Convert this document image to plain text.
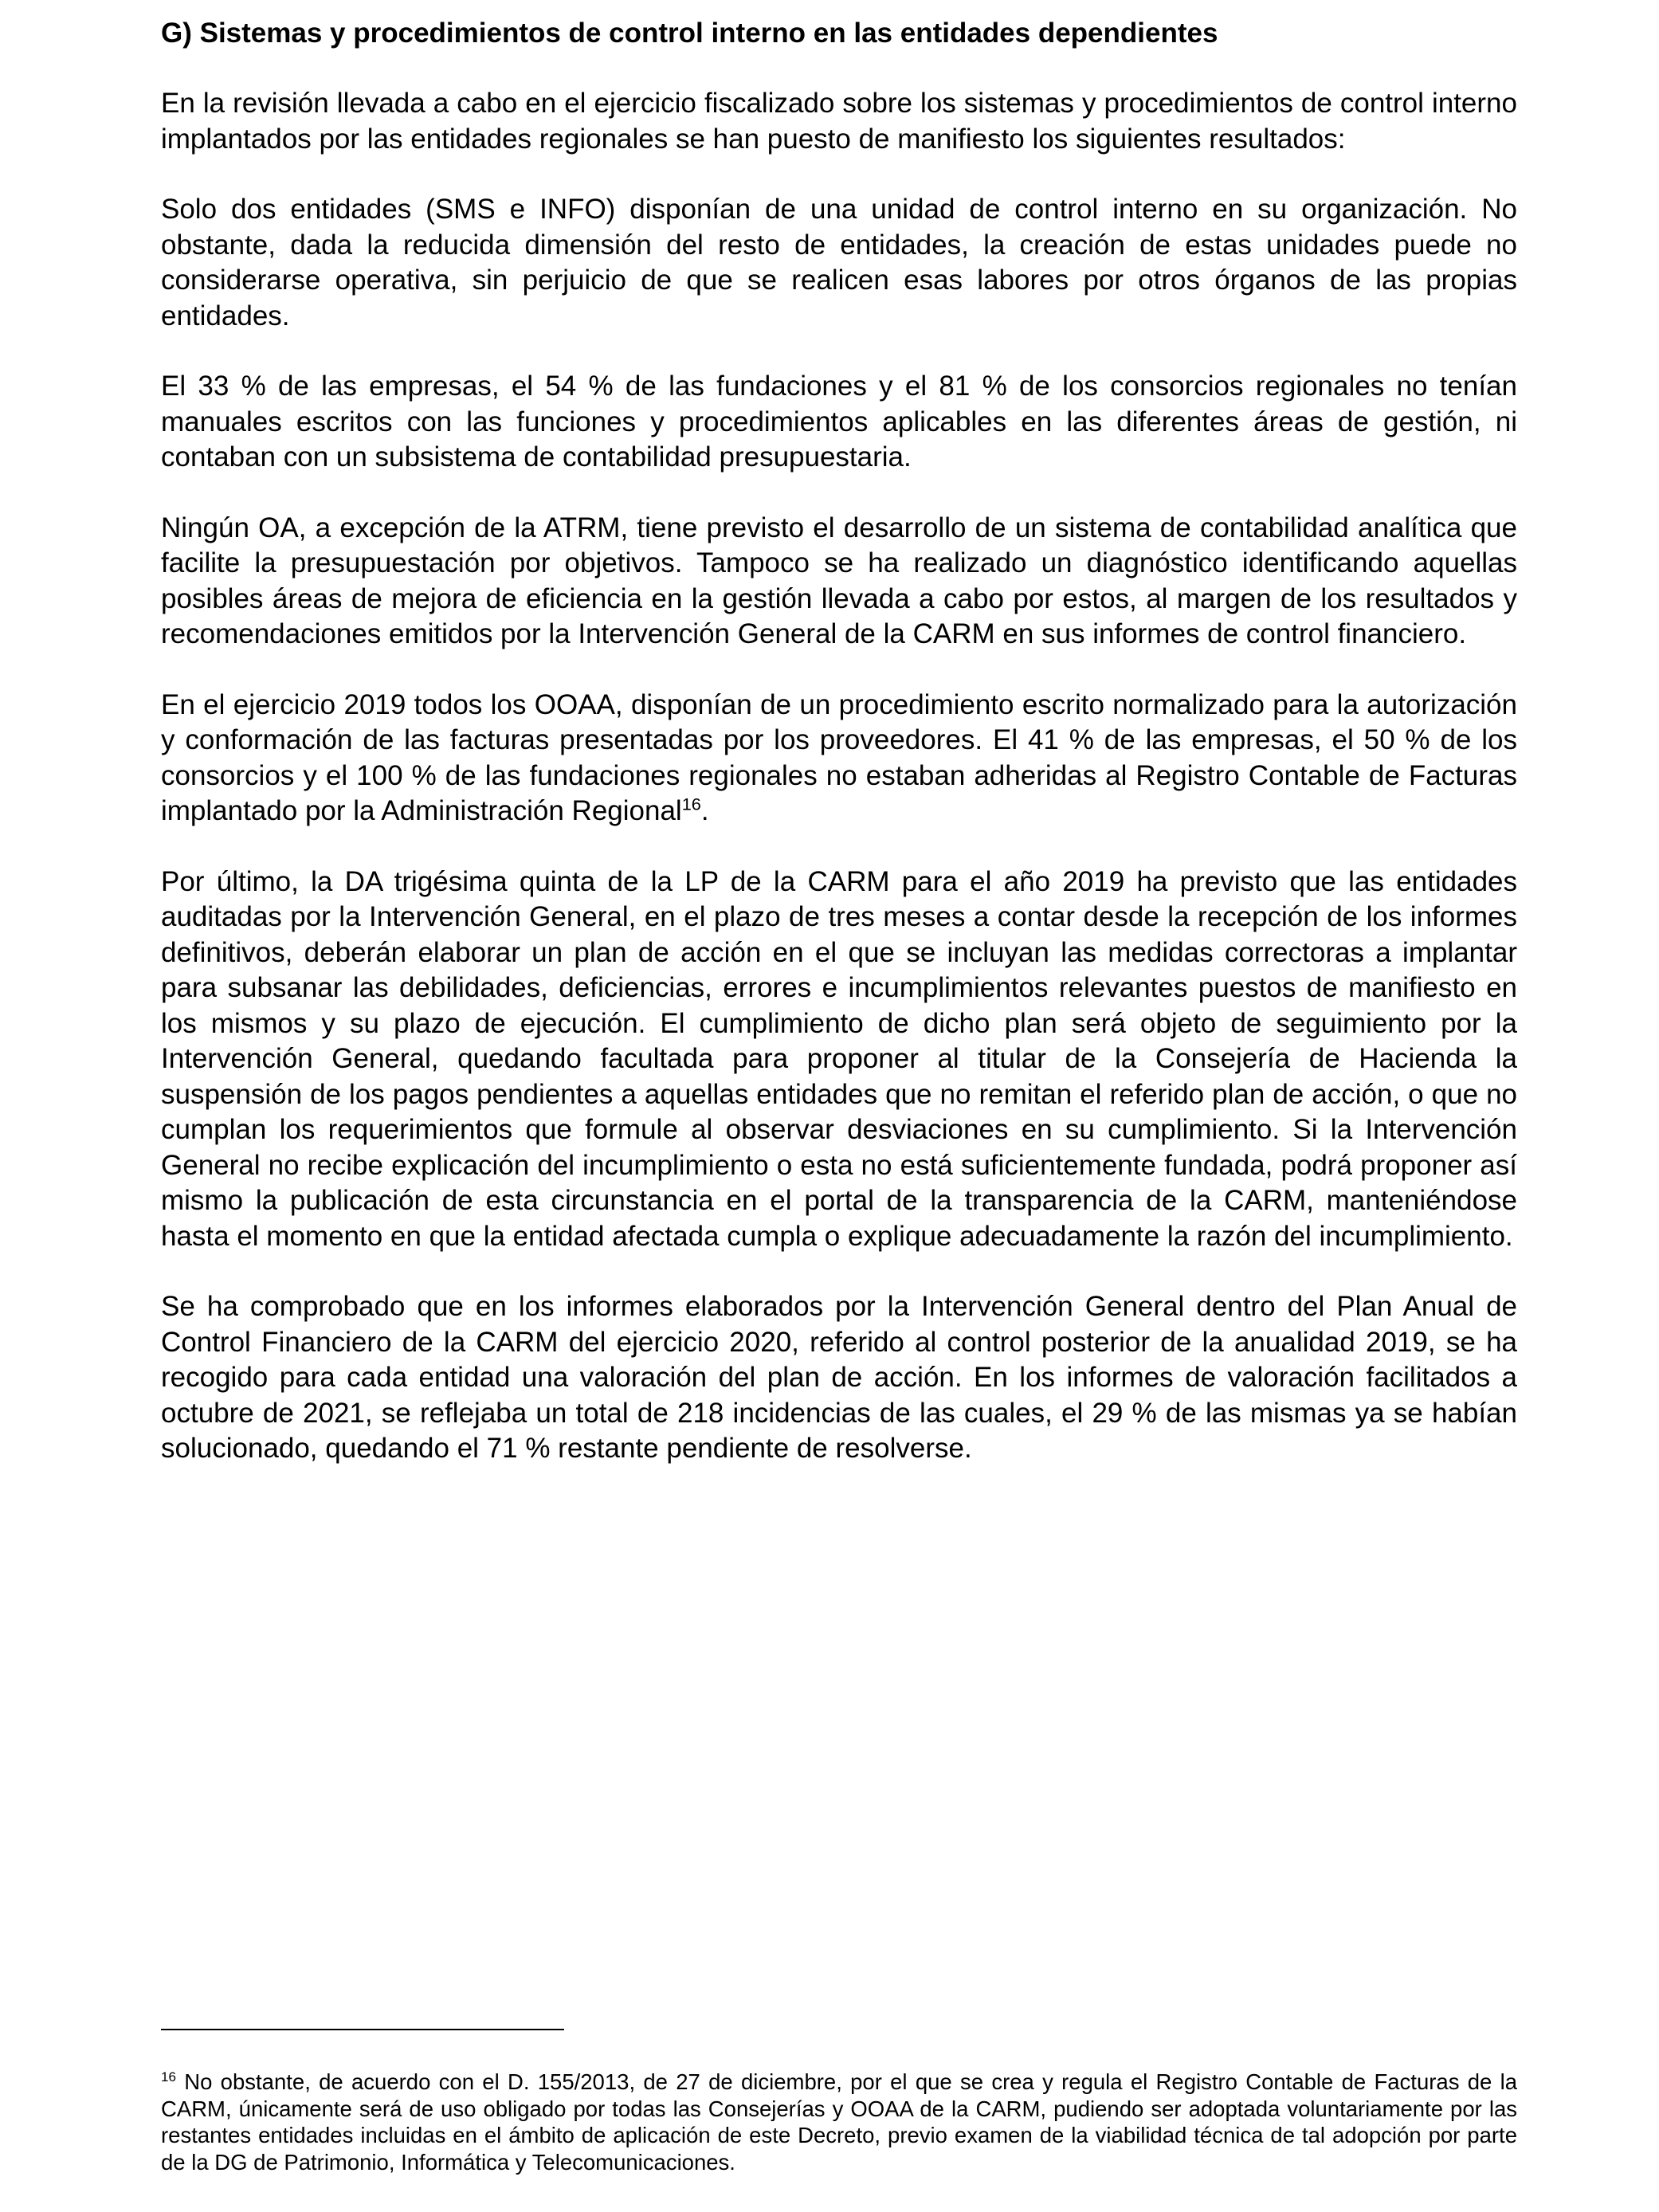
G) Sistemas y procedimientos de control interno en las entidades dependientes

En la revisión llevada a cabo en el ejercicio fiscalizado sobre los sistemas y procedimientos de control interno implantados por las entidades regionales se han puesto de manifiesto los siguientes resultados:

Solo dos entidades (SMS e INFO) disponían de una unidad de control interno en su organización. No obstante, dada la reducida dimensión del resto de entidades, la creación de estas unidades puede no considerarse operativa, sin perjuicio de que se realicen esas labores por otros órganos de las propias entidades.

El 33 % de las empresas, el 54 % de las fundaciones y el 81 % de los consorcios regionales no tenían manuales escritos con las funciones y procedimientos aplicables en las diferentes áreas de gestión, ni contaban con un subsistema de contabilidad presupuestaria.

Ningún OA, a excepción de la ATRM, tiene previsto el desarrollo de un sistema de contabilidad analítica que facilite la presupuestación por objetivos. Tampoco se ha realizado un diagnóstico identificando aquellas posibles áreas de mejora de eficiencia en la gestión llevada a cabo por estos, al margen de los resultados y recomendaciones emitidos por la Intervención General de la CARM en sus informes de control financiero.

En el ejercicio 2019 todos los OOAA, disponían de un procedimiento escrito normalizado para la autorización y conformación de las facturas presentadas por los proveedores. El 41 % de las empresas, el 50 % de los consorcios y el 100 % de las fundaciones regionales no estaban adheridas al Registro Contable de Facturas implantado por la Administración Regional$^{16}$.

Por último, la DA trigésima quinta de la LP de la CARM para el año 2019 ha previsto que las entidades auditadas por la Intervención General, en el plazo de tres meses a contar desde la recepción de los informes definitivos, deberán elaborar un plan de acción en el que se incluyan las medidas correctoras a implantar para subsanar las debilidades, deficiencias, errores e incumplimientos relevantes puestos de manifiesto en los mismos y su plazo de ejecución. El cumplimiento de dicho plan será objeto de seguimiento por la Intervención General, quedando facultada para proponer al titular de la Consejería de Hacienda la suspensión de los pagos pendientes a aquellas entidades que no remitan el referido plan de acción, o que no cumplan los requerimientos que formule al observar desviaciones en su cumplimiento. Si la Intervención General no recibe explicación del incumplimiento o esta no está suficientemente fundada, podrá proponer así mismo la publicación de esta circunstancia en el portal de la transparencia de la CARM, manteniéndose hasta el momento en que la entidad afectada cumpla o explique adecuadamente la razón del incumplimiento.

Se ha comprobado que en los informes elaborados por la Intervención General dentro del Plan Anual de Control Financiero de la CARM del ejercicio 2020, referido al control posterior de la anualidad 2019, se ha recogido para cada entidad una valoración del plan de acción. En los informes de valoración facilitados a octubre de 2021, se reflejaba un total de 218 incidencias de las cuales, el 29 % de las mismas ya se habían solucionado, quedando el 71 % restante pendiente de resolverse.

$^{16}$ No obstante, de acuerdo con el D. 155/2013, de 27 de diciembre, por el que se crea y regula el Registro Contable de Facturas de la CARM, únicamente será de uso obligado por todas las Consejerías y OOAA de la CARM, pudiendo ser adoptada voluntariamente por las restantes entidades incluidas en el ámbito de aplicación de este Decreto, previo examen de la viabilidad técnica de tal adopción por parte de la DG de Patrimonio, Informática y Telecomunicaciones.
